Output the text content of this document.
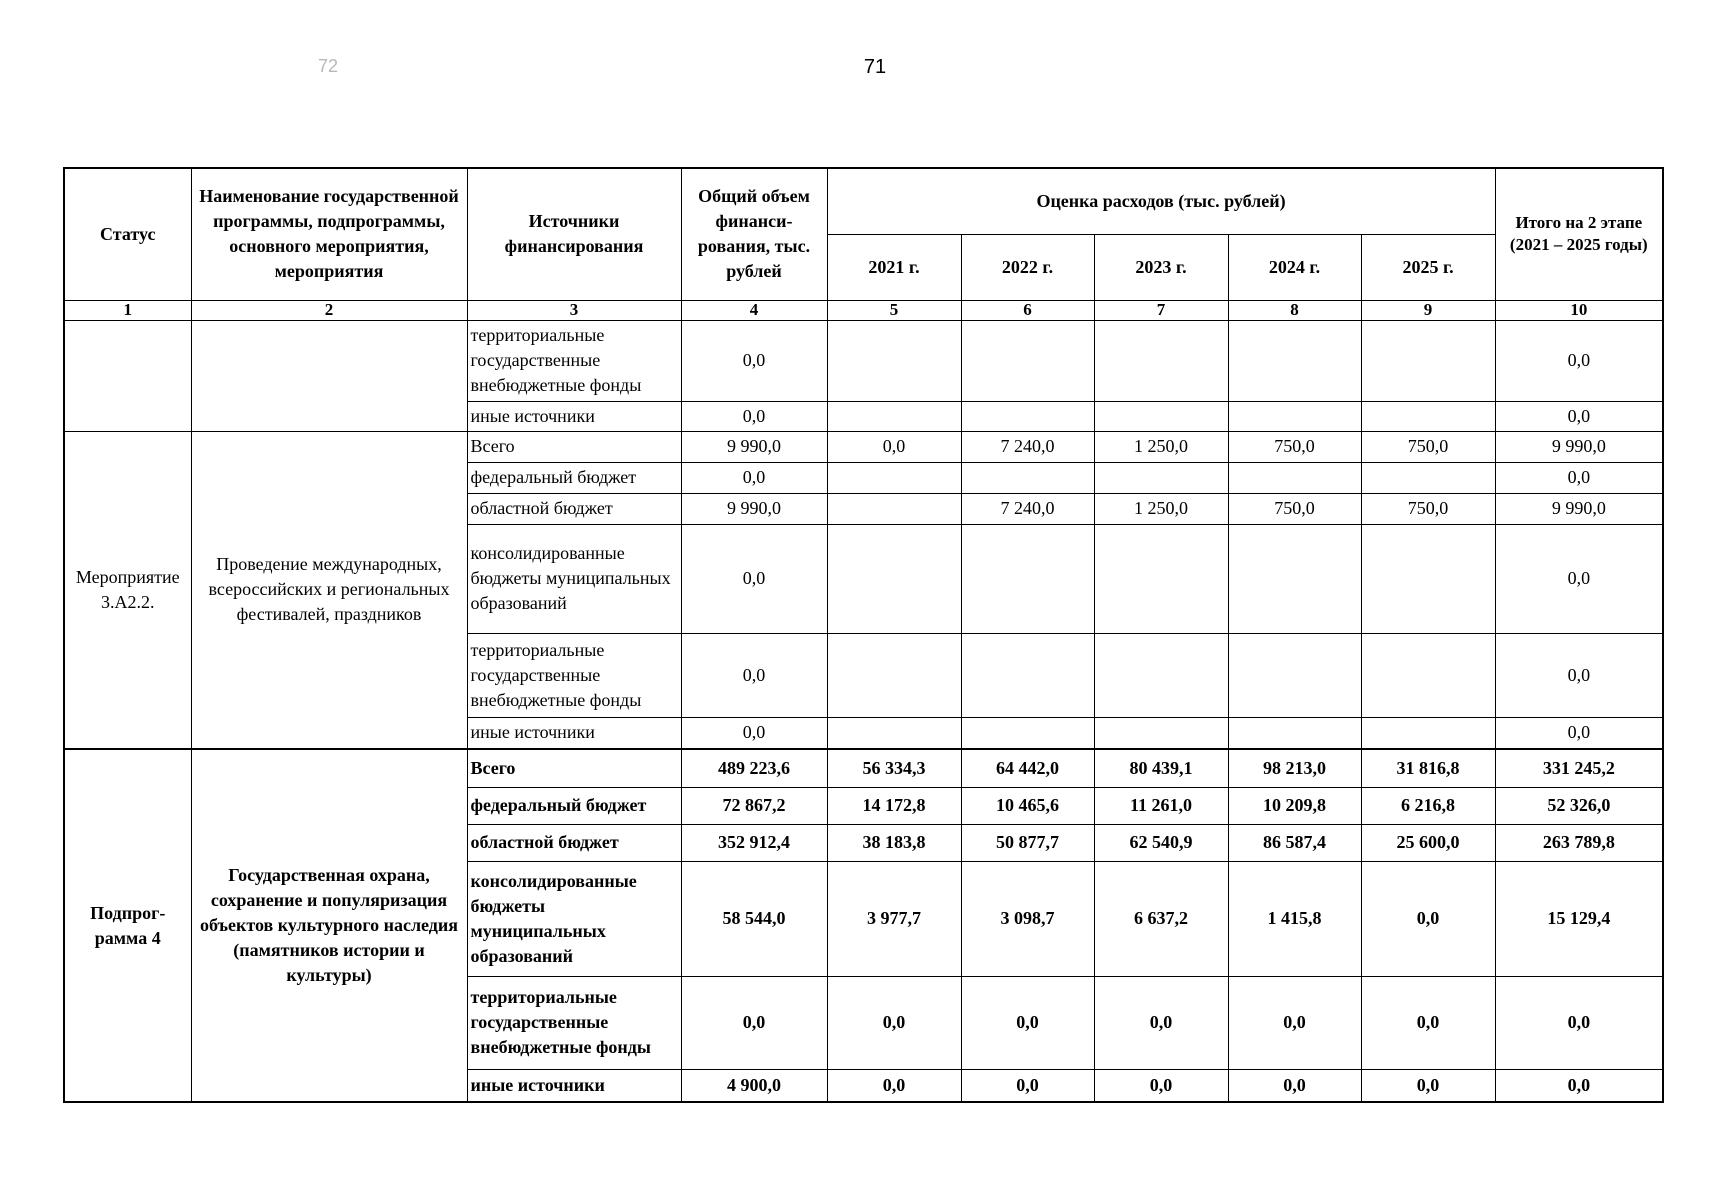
71
72
Статус	Наименование государственной программы, подпрограммы, основного мероприятия, мероприятия	Источники финансирования	Общий объем финанси- рования, тыс. рублей	Оценка расходов (тыс. рублей)					Итого на 2 этапе (2021 – 2025 годы)
				2021 г.	2022 г.	2023 г.	2024 г.	2025 г.	
1	2	3	4	5	6	7	8	9	10
		территориальные государственные внебюджетные фонды	0,0						0,0
		иные источники	0,0						0,0
Мероприятие 3.А2.2.	Проведение международных, всероссийских и региональных фестивалей, праздников	Всего	9 990,0	0,0	7 240,0	1 250,0	750,0	750,0	9 990,0
		федеральный бюджет	0,0						0,0
		областной бюджет	9 990,0		7 240,0	1 250,0	750,0	750,0	9 990,0
		консолидированные бюджеты муниципальных образований	0,0						0,0
		территориальные государственные внебюджетные фонды	0,0						0,0
		иные источники	0,0						0,0
Подпрог- рамма 4	Государственная охрана, сохранение и популяризация объектов культурного наследия (памятников истории и культуры)	Всего	489 223,6	56 334,3	64 442,0	80 439,1	98 213,0	31 816,8	331 245,2
		федеральный бюджет	72 867,2	14 172,8	10 465,6	11 261,0	10 209,8	6 216,8	52 326,0
		областной бюджет	352 912,4	38 183,8	50 877,7	62 540,9	86 587,4	25 600,0	263 789,8
		консолидированные бюджеты муниципальных образований	58 544,0	3 977,7	3 098,7	6 637,2	1 415,8	0,0	15 129,4
		территориальные государственные внебюджетные фонды	0,0	0,0	0,0	0,0	0,0	0,0	0,0
		иные источники	4 900,0	0,0	0,0	0,0	0,0	0,0	0,0
